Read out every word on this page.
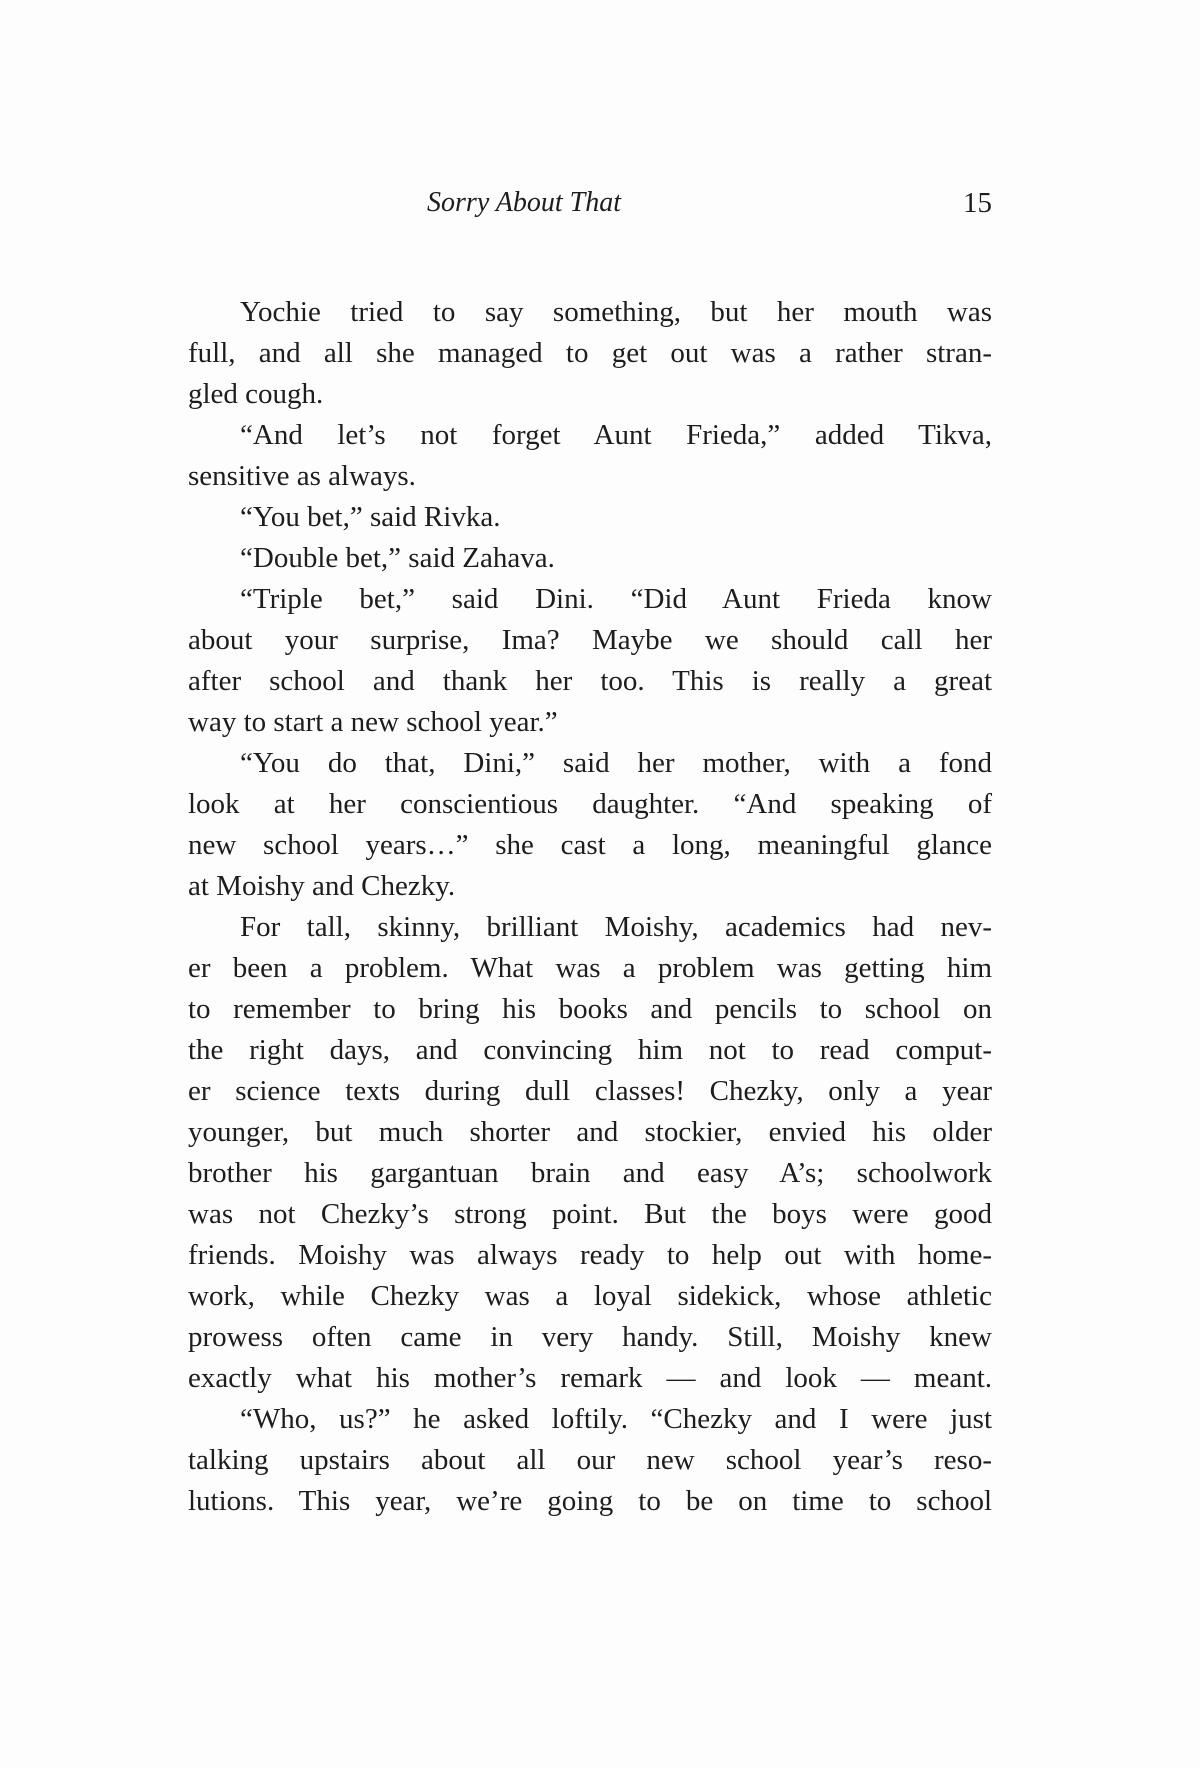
Sorry About That	15
Yochie tried to say something, but her mouth was
full, and all she managed to get out was a rather stran-
gled cough.
“And let’s not forget Aunt Frieda,” added Tikva,
sensitive as always.
“You bet,” said Rivka.
“Double bet,” said Zahava.
“Triple bet,” said Dini. “Did Aunt Frieda know
about your surprise, Ima? Maybe we should call her
after school and thank her too. This is really a great
way to start a new school year.”
“You do that, Dini,” said her mother, with a fond
look at her conscientious daughter. “And speaking of
new school years…” she cast a long, meaningful glance
at Moishy and Chezky.
For tall, skinny, brilliant Moishy, academics had nev-
er been a problem. What was a problem was getting him
to remember to bring his books and pencils to school on
the right days, and convincing him not to read comput-
er science texts during dull classes! Chezky, only a year
younger, but much shorter and stockier, envied his older
brother his gargantuan brain and easy A’s; schoolwork
was not Chezky’s strong point. But the boys were good
friends. Moishy was always ready to help out with home-
work, while Chezky was a loyal sidekick, whose athletic
prowess often came in very handy. Still, Moishy knew
exactly what his mother’s remark — and look — meant.
“Who, us?” he asked loftily. “Chezky and I were just
talking upstairs about all our new school year’s reso-
lutions. This year, we’re going to be on time to school
